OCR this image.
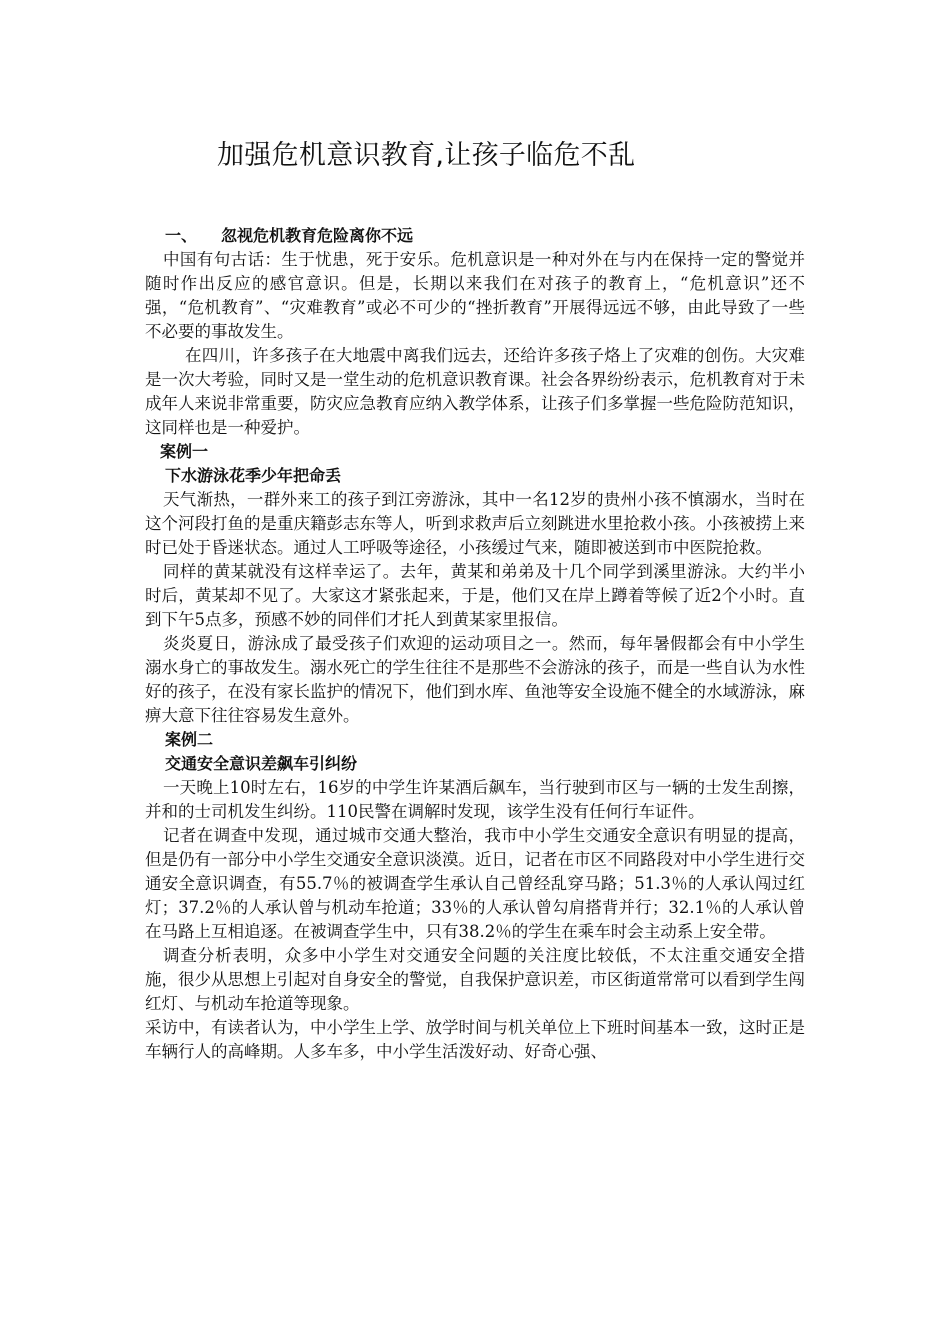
加强危机意识教育,让孩子临危不乱

一、 忽视危机教育危险离你不远

中国有句古话：生于忧患，死于安乐。危机意识是一种对外在与内在保持一定的警觉并随时作出反应的感官意识。但是，长期以来我们在对孩子的教育上，“危机意识”还不强，“危机教育”、“灾难教育”或必不可少的“挫折教育”开展得远远不够，由此导致了一些不必要的事故发生。

在四川，许多孩子在大地震中离我们远去，还给许多孩子烙上了灾难的创伤。大灾难是一次大考验，同时又是一堂生动的危机意识教育课。社会各界纷纷表示，危机教育对于未成年人来说非常重要，防灾应急教育应纳入教学体系，让孩子们多掌握一些危险防范知识，这同样也是一种爱护。

案例一

下水游泳花季少年把命丢

天气渐热，一群外来工的孩子到江旁游泳，其中一名12岁的贵州小孩不慎溺水，当时在这个河段打鱼的是重庆籍彭志东等人，听到求救声后立刻跳进水里抢救小孩。小孩被捞上来时已处于昏迷状态。通过人工呼吸等途径，小孩缓过气来，随即被送到市中医院抢救。

同样的黄某就没有这样幸运了。去年，黄某和弟弟及十几个同学到溪里游泳。大约半小时后，黄某却不见了。大家这才紧张起来，于是，他们又在岸上蹲着等候了近2个小时。直到下午5点多，预感不妙的同伴们才托人到黄某家里报信。

炎炎夏日，游泳成了最受孩子们欢迎的运动项目之一。然而，每年暑假都会有中小学生溺水身亡的事故发生。溺水死亡的学生往往不是那些不会游泳的孩子，而是一些自认为水性好的孩子，在没有家长监护的情况下，他们到水库、鱼池等安全设施不健全的水域游泳，麻痹大意下往往容易发生意外。

案例二

交通安全意识差飙车引纠纷

一天晚上10时左右，16岁的中学生许某酒后飙车，当行驶到市区与一辆的士发生刮擦，并和的士司机发生纠纷。110民警在调解时发现，该学生没有任何行车证件。

记者在调查中发现，通过城市交通大整治，我市中小学生交通安全意识有明显的提高，但是仍有一部分中小学生交通安全意识淡漠。近日，记者在市区不同路段对中小学生进行交通安全意识调查，有55.7％的被调查学生承认自己曾经乱穿马路；51.3％的人承认闯过红灯；37.2％的人承认曾与机动车抢道；33％的人承认曾勾肩搭背并行；32.1％的人承认曾在马路上互相追逐。在被调查学生中，只有38.2％的学生在乘车时会主动系上安全带。

调查分析表明，众多中小学生对交通安全问题的关注度比较低，不太注重交通安全措施，很少从思想上引起对自身安全的警觉，自我保护意识差，市区街道常常可以看到学生闯红灯、与机动车抢道等现象。

采访中，有读者认为，中小学生上学、放学时间与机关单位上下班时间基本一致，这时正是车辆行人的高峰期。人多车多，中小学生活泼好动、好奇心强、
